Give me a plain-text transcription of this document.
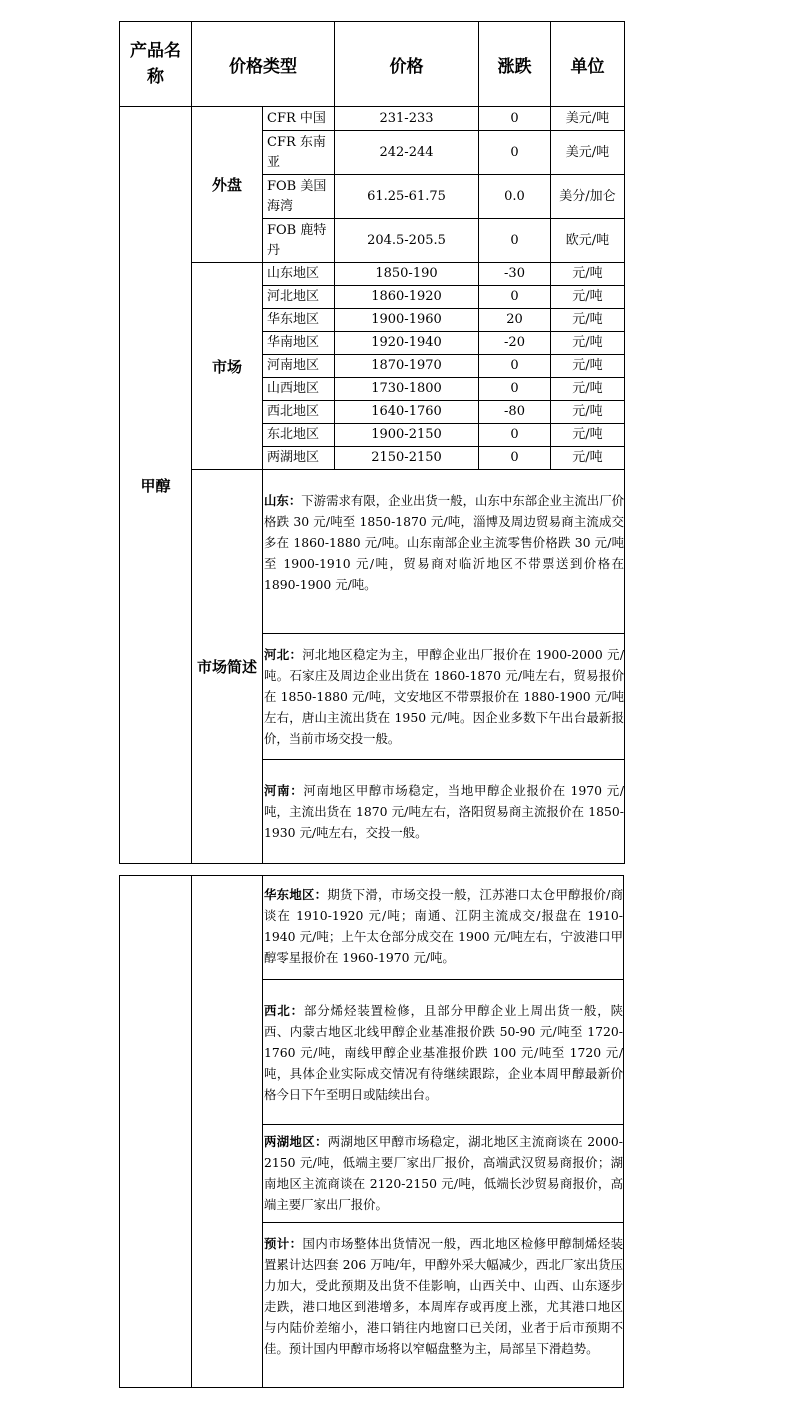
产品名称	价格类型		价格	涨跌	单位
甲醇	外盘	CFR 中国	231-233	0	美元/吨
		CFR 东南亚	242-244	0	美元/吨
		FOB 美国海湾	61.25-61.75	0.0	美分/加仑
		FOB 鹿特丹	204.5-205.5	0	欧元/吨
	市场	山东地区	1850-190	-30	元/吨
		河北地区	1860-1920	0	元/吨
		华东地区	1900-1960	20	元/吨
		华南地区	1920-1940	-20	元/吨
		河南地区	1870-1970	0	元/吨
		山西地区	1730-1800	0	元/吨
		西北地区	1640-1760	-80	元/吨
		东北地区	1900-2150	0	元/吨
		两湖地区	2150-2150	0	元/吨
	市场简述	山东：下游需求有限，企业出货一般，山东中东部企业主流出厂价格跌 30 元/吨至 1850-1870 元/吨，淄博及周边贸易商主流成交多在 1860-1880 元/吨。山东南部企业主流零售价格跌 30 元/吨至 1900-1910 元/吨，贸易商对临沂地区不带票送到价格在 1890-1900 元/吨。			
		河北：河北地区稳定为主，甲醇企业出厂报价在 1900-2000 元/吨。石家庄及周边企业出货在 1860-1870 元/吨左右，贸易报价在 1850-1880 元/吨，文安地区不带票报价在 1880-1900 元/吨左右，唐山主流出货在 1950 元/吨。因企业多数下午出台最新报价，当前市场交投一般。			
		河南：河南地区甲醇市场稳定，当地甲醇企业报价在 1970 元/吨，主流出货在 1870 元/吨左右，洛阳贸易商主流报价在 1850-1930 元/吨左右，交投一般。			
		华东地区：期货下滑，市场交投一般，江苏港口太仓甲醇报价/商谈在 1910-1920 元/吨；南通、江阴主流成交/报盘在 1910-1940 元/吨；上午太仓部分成交在 1900 元/吨左右，宁波港口甲醇零星报价在 1960-1970 元/吨。
西北：部分烯烃装置检修，且部分甲醇企业上周出货一般，陕西、内蒙古地区北线甲醇企业基准报价跌 50-90 元/吨至 1720-1760 元/吨，南线甲醇企业基准报价跌 100 元/吨至 1720 元/吨，具体企业实际成交情况有待继续跟踪，企业本周甲醇最新价格今日下午至明日或陆续出台。
两湖地区：两湖地区甲醇市场稳定，湖北地区主流商谈在 2000-2150 元/吨，低端主要厂家出厂报价，高端武汉贸易商报价；湖南地区主流商谈在 2120-2150 元/吨，低端长沙贸易商报价，高端主要厂家出厂报价。
预计：国内市场整体出货情况一般，西北地区检修甲醇制烯烃装置累计达四套 206 万吨/年，甲醇外采大幅减少，西北厂家出货压力加大，受此预期及出货不佳影响，山西关中、山西、山东逐步走跌，港口地区到港增多，本周库存或再度上涨，尤其港口地区与内陆价差缩小，港口销往内地窗口已关闭，业者于后市预期不佳。预计国内甲醇市场将以窄幅盘整为主，局部呈下滑趋势。
